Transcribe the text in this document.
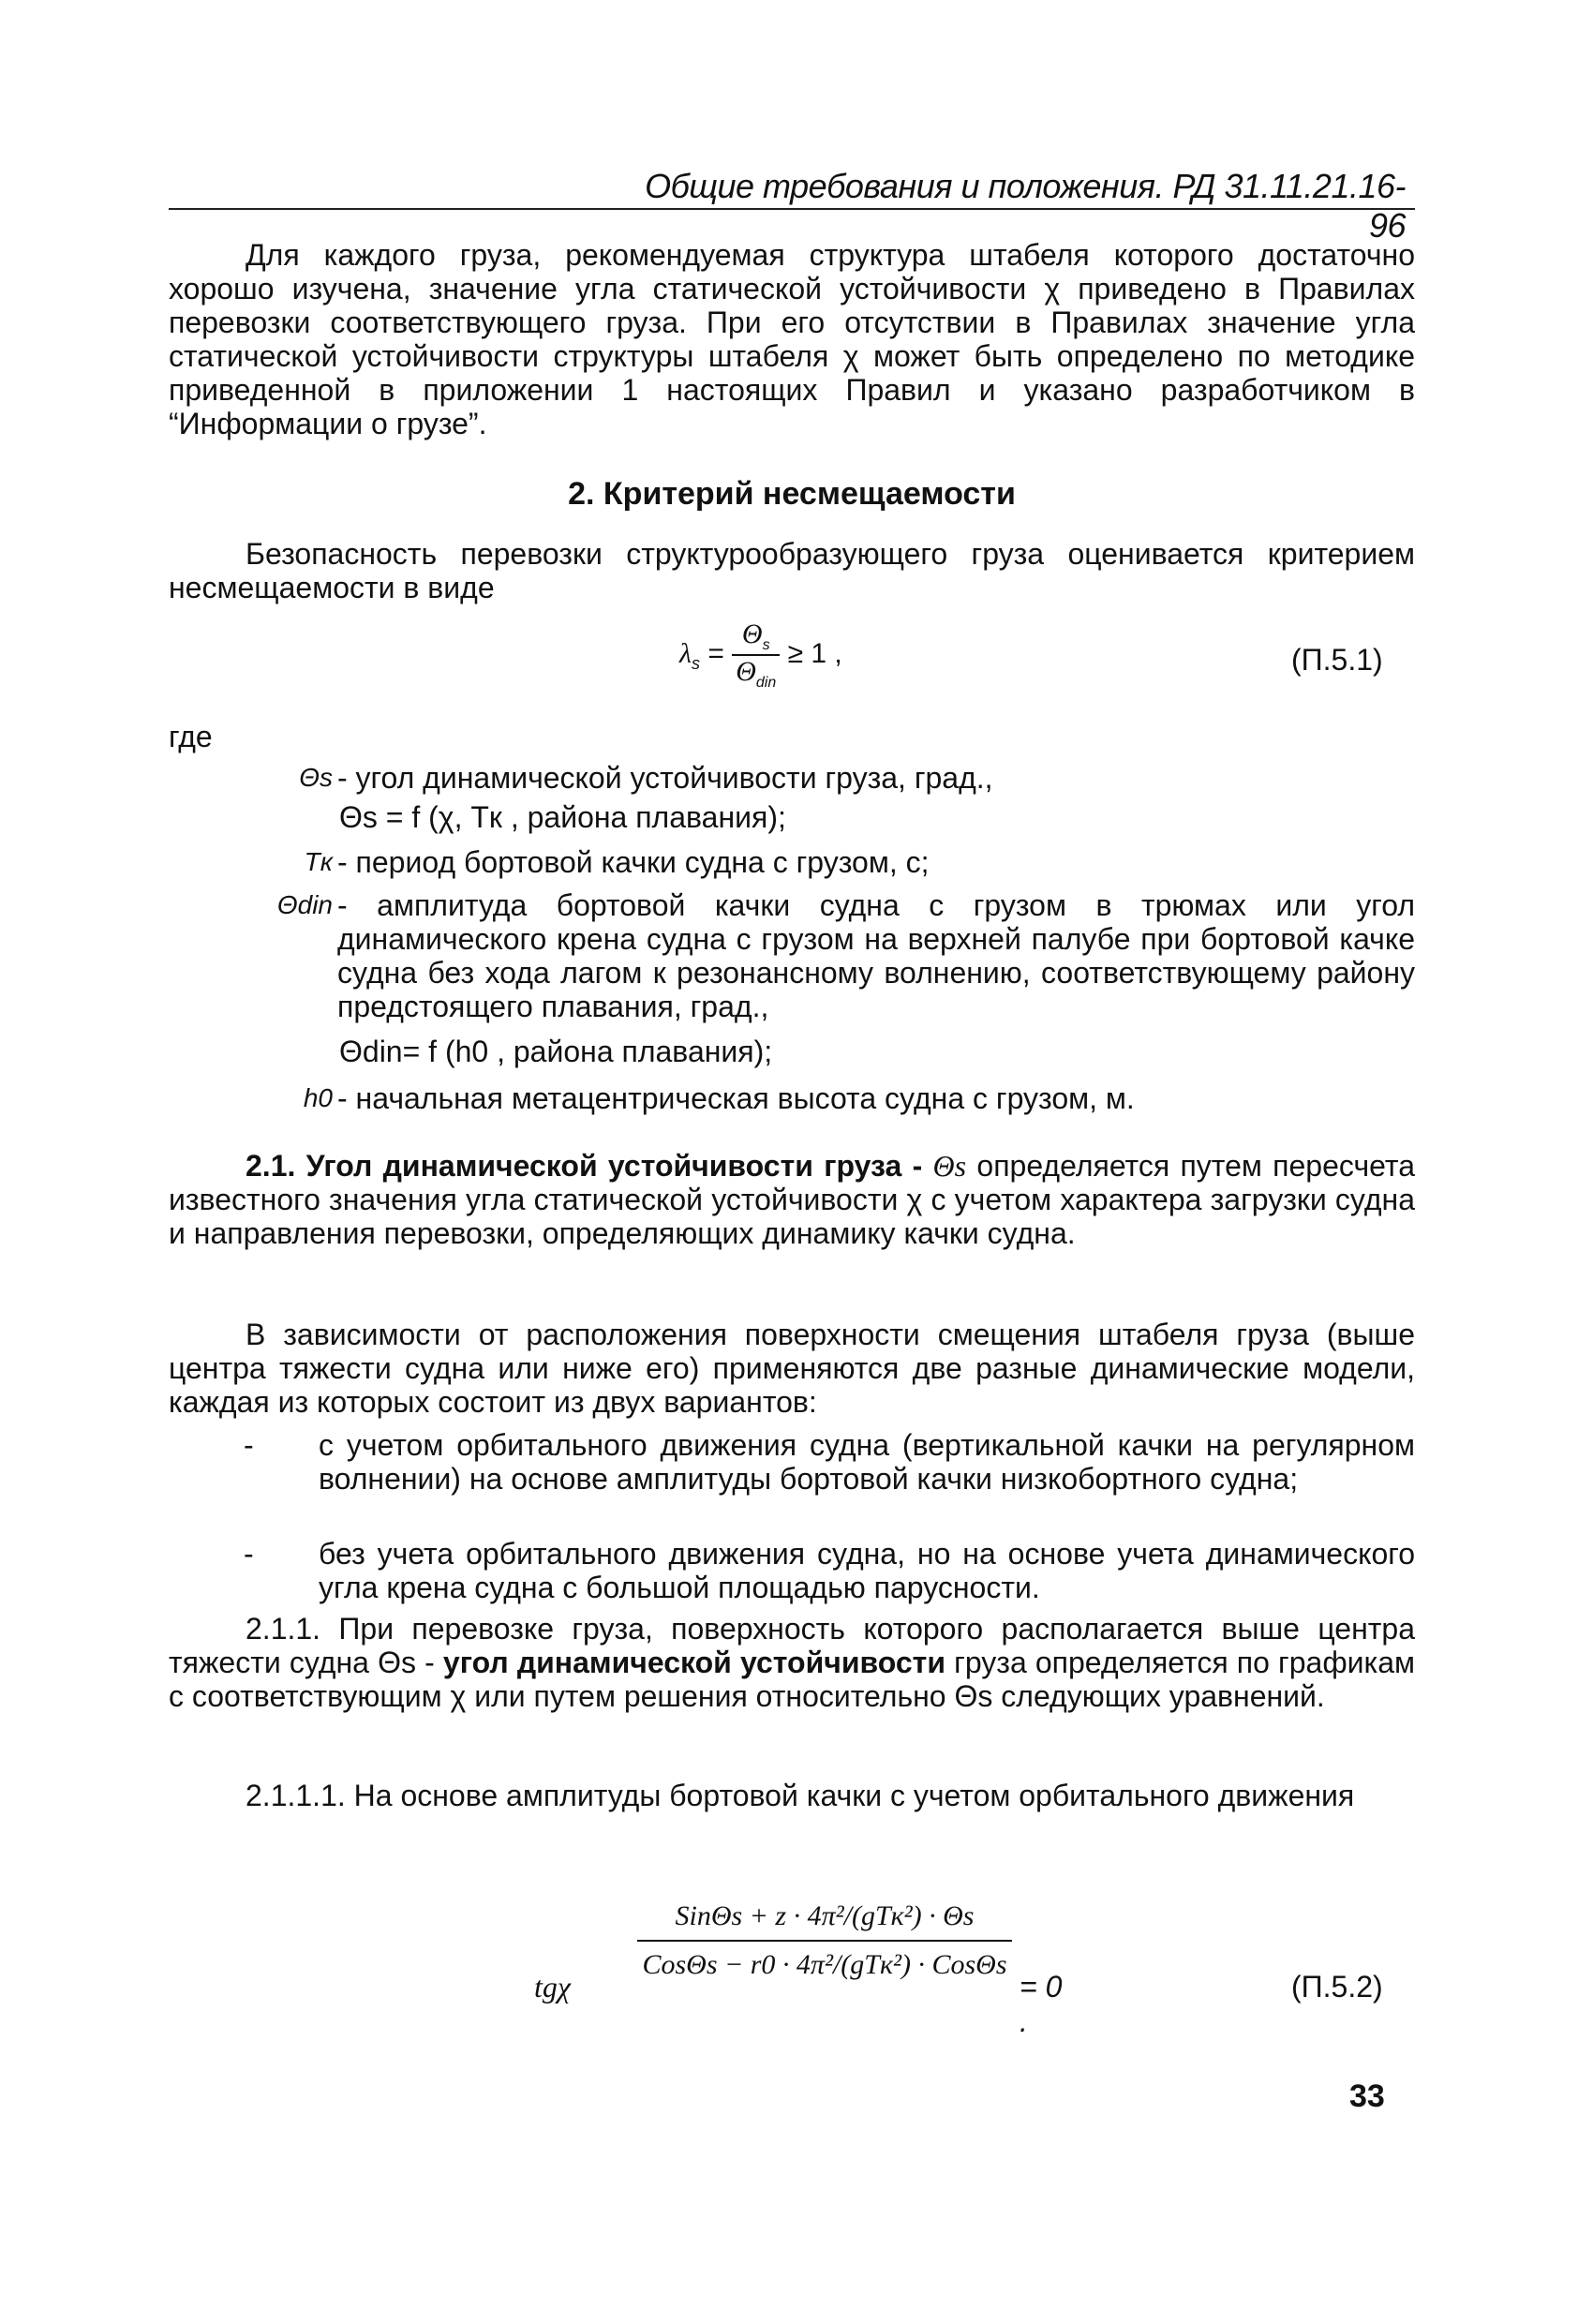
Общие требования и положения. РД 31.11.21.16-96
Для каждого груза, рекомендуемая структура штабеля которого достаточно хорошо изучена, значение угла статической устойчивости χ приведено в Правилах перевозки соответствующего груза. При его отсутствии в Правилах значение угла статической устойчивости структуры штабеля χ может быть определено по методике приведенной в приложении 1 настоящих Правил и указано разработчиком в “Информации о грузе”.
2. Критерий несмещаемости
Безопасность перевозки структурообразующего груза оценивается критерием несмещаемости в виде
$\lambda_s = \frac{\Theta_s}{\Theta_{din}} \ge 1$ ,	(П.5.1)
где
Θs - угол динамической устойчивости груза, град.,
Θs = f (χ, Tк , района плавания);
Tк - период бортовой качки судна с грузом, с;
Θdin - амплитуда бортовой качки судна с грузом в трюмах или угол динамического крена судна с грузом на верхней палубе при бортовой качке судна без хода лагом к резонансному волнению, соответствующему району предстоящего плавания, град.,
Θdin= f (h0 , района плавания);
h0 - начальная метацентрическая высота судна с грузом, м.
2.1. Угол динамической устойчивости груза - Θs определяется путем пересчета известного значения угла статической устойчивости χ с учетом характера загрузки судна и направления перевозки, определяющих динамику качки судна.
В зависимости от расположения поверхности смещения штабеля груза (выше центра тяжести судна или ниже его) применяются две разные динамические модели, каждая из которых состоит из двух вариантов:
- с учетом орбитального движения судна (вертикальной качки на регулярном волнении) на основе амплитуды бортовой качки низкобортного судна;
- без учета орбитального движения судна, но на основе учета динамического угла крена судна с большой площадью парусности.
2.1.1. При перевозке груза, поверхность которого располагается выше центра тяжести судна Θs - угол динамической устойчивости груза определяется по графикам с соответствующим χ или путем решения относительно Θs следующих уравнений.
2.1.1.1. На основе амплитуды бортовой качки с учетом орбитального движения
tgχ
SinΘs + z · 4π²/(gTк²) · Θs
CosΘs − r0 · 4π²/(gTк²) · CosΘs
= 0 .
(П.5.2)
33
